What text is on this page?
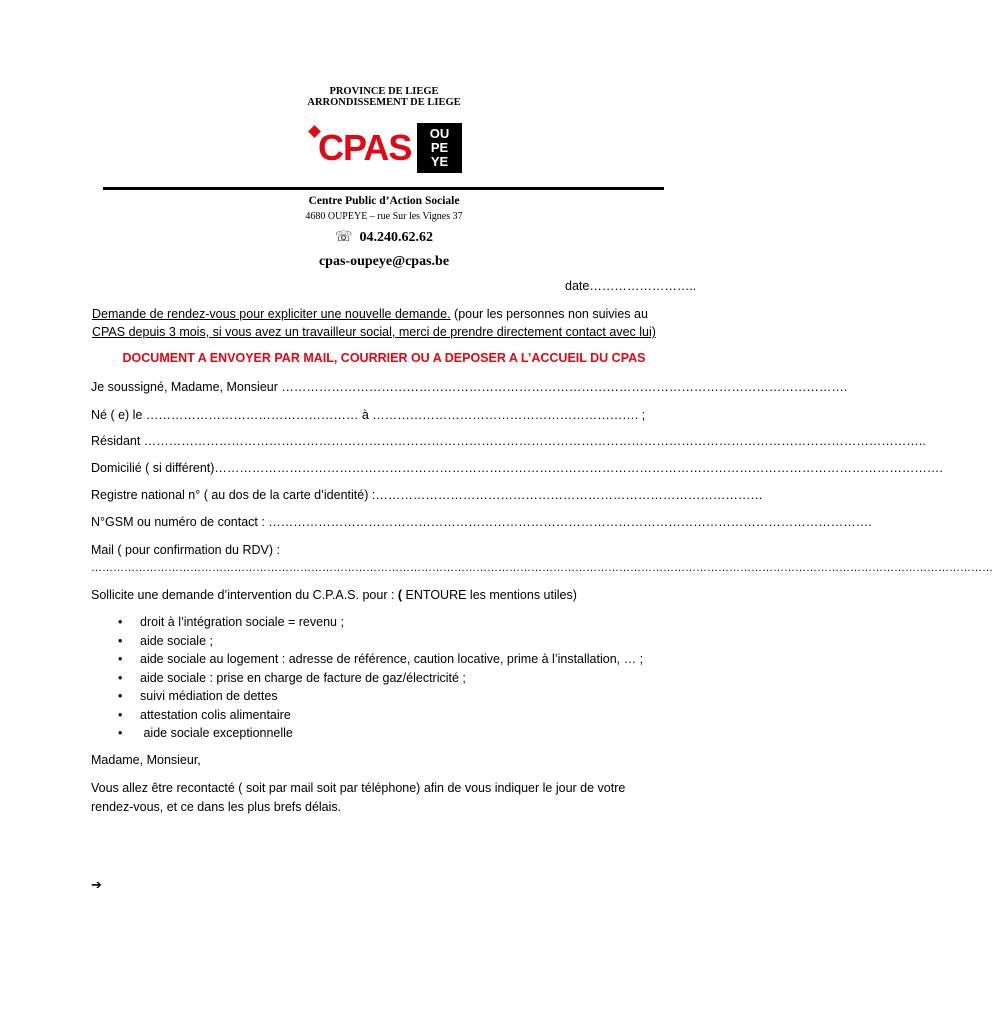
PROVINCE DE LIEGE
ARRONDISSEMENT DE LIEGE
CPAS	OU
PE
YE
Centre Public d’Action Sociale
4680 OUPEYE – rue Sur les Vignes 37
☏ 04.240.62.62
cpas-oupeye@cpas.be
date……………………..
Demande de rendez-vous pour expliciter une nouvelle demande. (pour les personnes non suivies au
CPAS depuis 3 mois, si vous avez un travailleur social, merci de prendre directement contact avec lui)
DOCUMENT A ENVOYER PAR MAIL, COURRIER OU A DEPOSER A L’ACCUEIL DU CPAS
Je soussigné, Madame, Monsieur ……………………………………………………………………………………………………………………….
Né ( e) le …………………………………………… à ………………………………………………………. ;
Résidant ……………………………………………………………………………………………………………………………………………………………………..
Domicilié ( si différent)………………………………………………………………………………………………………………………………………………………….
Registre national n° ( au dos de la carte d’identité) :…………………………………………………………………………………
N°GSM ou numéro de contact : ……………………………………………………………………………………………………………………………….
Mail ( pour confirmation du RDV) :
…………………………………………………………………………………………………………………………………………………………………………………………………………………………
Sollicite une demande d’intervention du C.P.A.S. pour : ( ENTOURE les mentions utiles)
• droit à l’intégration sociale = revenu ;
• aide sociale ;
• aide sociale au logement : adresse de référence, caution locative, prime à l’installation, … ;
• aide sociale : prise en charge de facture de gaz/électricité ;
• suivi médiation de dettes
• attestation colis alimentaire
• aide sociale exceptionnelle
Madame, Monsieur,
Vous allez être recontacté ( soit par mail soit par téléphone) afin de vous indiquer le jour de votre
rendez-vous, et ce dans les plus brefs délais.
➔
